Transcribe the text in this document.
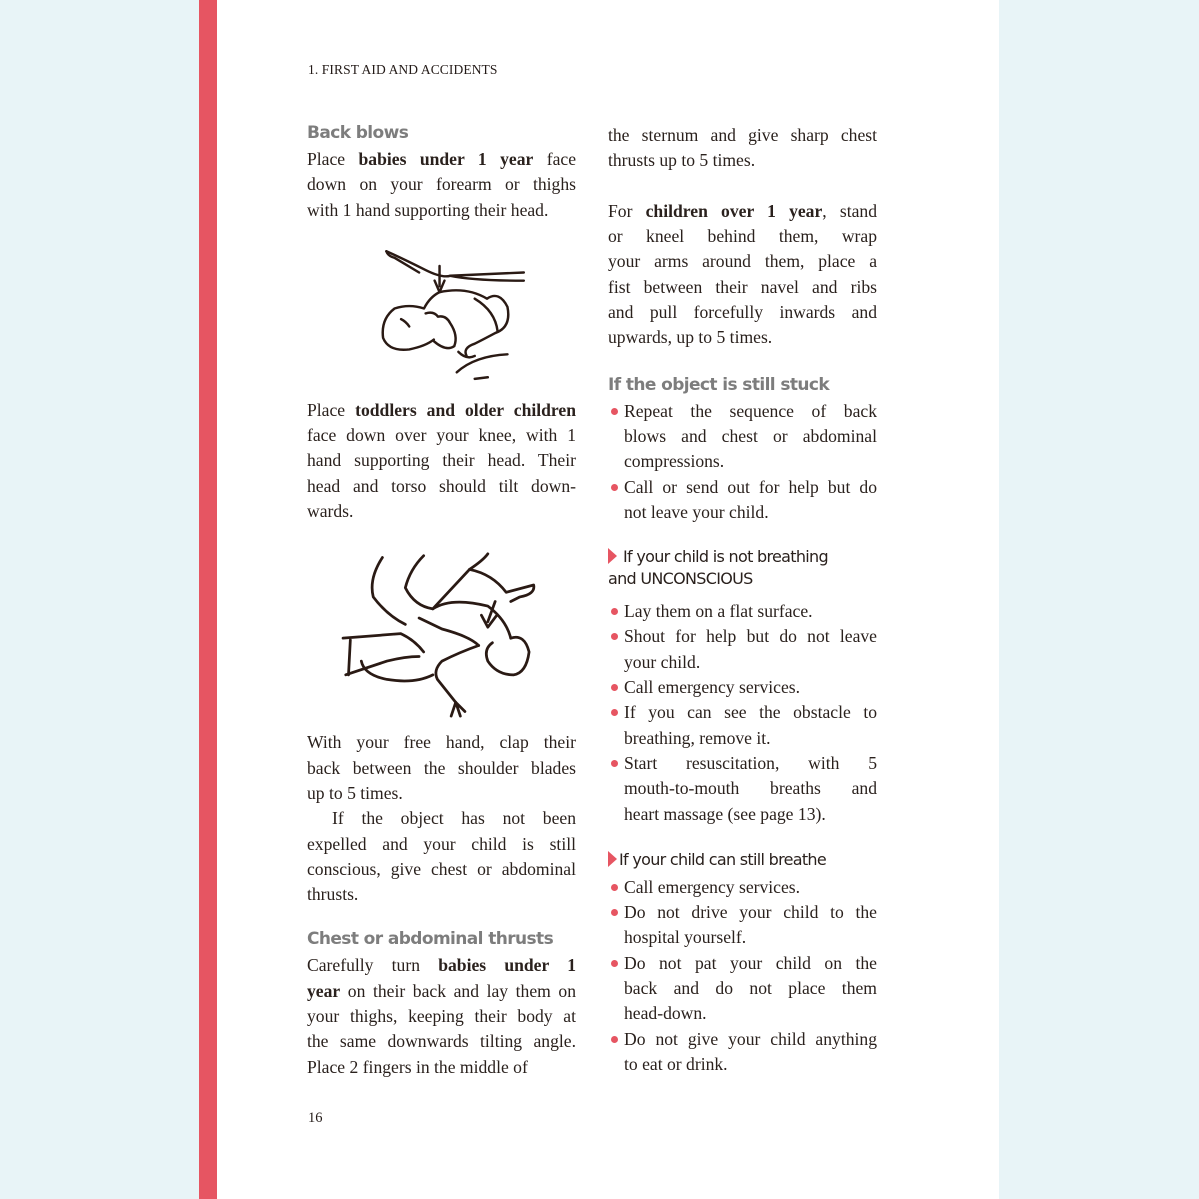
1. FIRST AID AND ACCIDENTS
Back blows
Place babies under 1 year face
down on your forearm or thighs
with 1 hand supporting their head.
Place toddlers and older children
face down over your knee, with 1
hand supporting their head. Their
head and torso should tilt down-
wards.
With your free hand, clap their
back between the shoulder blades
up to 5 times.
If the object has not been
expelled and your child is still
conscious, give chest or abdominal
thrusts.
Chest or abdominal thrusts
Carefully turn babies under 1
year on their back and lay them on
your thighs, keeping their body at
the same downwards tilting angle.
Place 2 fingers in the middle of
the sternum and give sharp chest
thrusts up to 5 times.
For children over 1 year, stand
or kneel behind them, wrap
your arms around them, place a
fist between their navel and ribs
and pull forcefully inwards and
upwards, up to 5 times.
If the object is still stuck
Repeat the sequence of back
blows and chest or abdominal
compressions.
Call or send out for help but do
not leave your child.
If your child is not breathing
and UNCONSCIOUS
Lay them on a flat surface.
Shout for help but do not leave
your child.
Call emergency services.
If you can see the obstacle to
breathing, remove it.
Start resuscitation, with 5
mouth-to-mouth breaths and
heart massage (see page 13).
If your child can still breathe
Call emergency services.
Do not drive your child to the
hospital yourself.
Do not pat your child on the
back and do not place them
head-down.
Do not give your child anything
to eat or drink.
16
